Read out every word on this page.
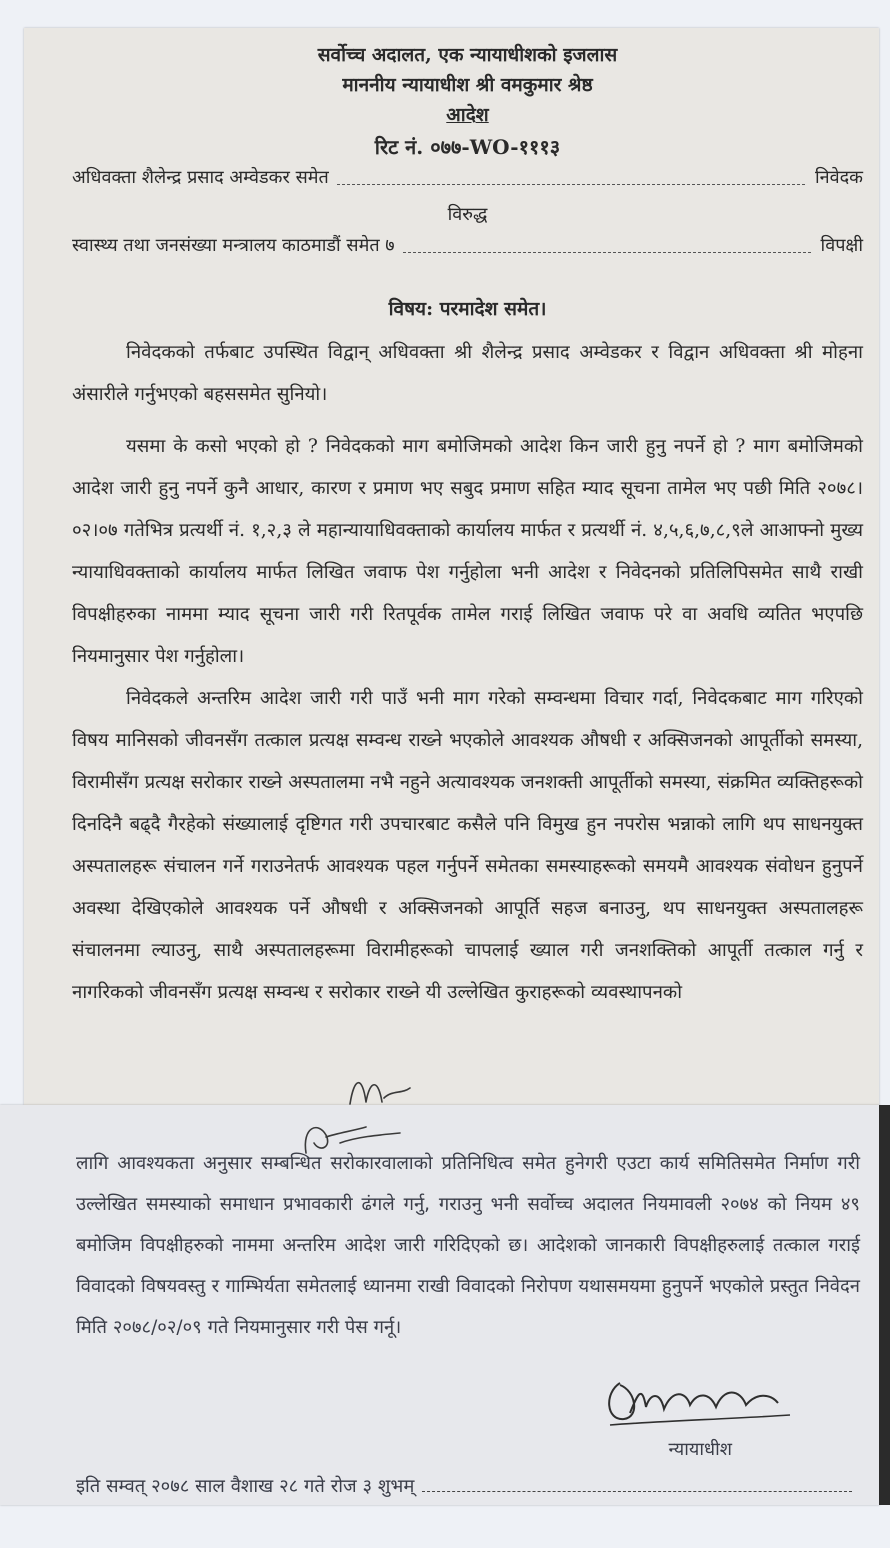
सर्वोच्च अदालत, एक न्यायाधीशको इजलास
माननीय न्यायाधीश श्री वमकुमार श्रेष्ठ
आदेश
रिट नं. ०७७-WO-१११३
अधिवक्ता शैलेन्द्र प्रसाद अम्वेडकर समेत	निवेदक
विरुद्ध
स्वास्थ्य तथा जनसंख्या मन्त्रालय काठमाडौं समेत ७	विपक्षी
विषय: परमादेश समेत।

निवेदकको तर्फबाट उपस्थित विद्वान् अधिवक्ता श्री शैलेन्द्र प्रसाद अम्वेडकर र विद्वान अधिवक्ता श्री मोहना अंसारीले गर्नुभएको बहससमेत सुनियो।

यसमा के कसो भएको हो ? निवेदकको माग बमोजिमको आदेश किन जारी हुनु नपर्ने हो ? माग बमोजिमको आदेश जारी हुनु नपर्ने कुनै आधार, कारण र प्रमाण भए सबुद प्रमाण सहित म्याद सूचना तामेल भए पछी मिति २०७८।०२।०७ गतेभित्र प्रत्यर्थी नं. १,२,३ ले महान्यायाधिवक्ताको कार्यालय मार्फत र प्रत्यर्थी नं. ४,५,६,७,८,९ले आआफ्नो मुख्य न्यायाधिवक्ताको कार्यालय मार्फत लिखित जवाफ पेश गर्नुहोला भनी आदेश र निवेदनको प्रतिलिपिसमेत साथै राखी विपक्षीहरुका नाममा म्याद सूचना जारी गरी रितपूर्वक तामेल गराई लिखित जवाफ परे वा अवधि व्यतित भएपछि नियमानुसार पेश गर्नुहोला।

निवेदकले अन्तरिम आदेश जारी गरी पाउँ भनी माग गरेको सम्वन्धमा विचार गर्दा, निवेदकबाट माग गरिएको विषय मानिसको जीवनसँग तत्काल प्रत्यक्ष सम्वन्ध राख्ने भएकोले आवश्यक औषधी र अक्सिजनको आपूर्तीको समस्या, विरामीसँग प्रत्यक्ष सरोकार राख्ने अस्पतालमा नभै नहुने अत्यावश्यक जनशक्ती आपूर्तीको समस्या, संक्रमित व्यक्तिहरूको दिनदिनै बढ्दै गैरहेको संख्यालाई दृष्टिगत गरी उपचारबाट कसैले पनि विमुख हुन नपरोस भन्नाको लागि थप साधनयुक्त अस्पतालहरू संचालन गर्ने गराउनेतर्फ आवश्यक पहल गर्नुपर्ने समेतका समस्याहरूको समयमै आवश्यक संवोधन हुनुपर्ने अवस्था देखिएकोले आवश्यक पर्ने औषधी र अक्सिजनको आपूर्ति सहज बनाउनु, थप साधनयुक्त अस्पतालहरू संचालनमा ल्याउनु, साथै अस्पतालहरूमा विरामीहरूको चापलाई ख्याल गरी जनशक्तिको आपूर्ती तत्काल गर्नु र नागरिकको जीवनसँग प्रत्यक्ष सम्वन्ध र सरोकार राख्ने यी उल्लेखित कुराहरूको व्यवस्थापनको

लागि आवश्यकता अनुसार सम्बन्धित सरोकारवालाको प्रतिनिधित्व समेत हुनेगरी एउटा कार्य समितिसमेत निर्माण गरी उल्लेखित समस्याको समाधान प्रभावकारी ढंगले गर्नु, गराउनु भनी सर्वोच्च अदालत नियमावली २०७४ को नियम ४९ बमोजिम विपक्षीहरुको नाममा अन्तरिम आदेश जारी गरिदिएको छ। आदेशको जानकारी विपक्षीहरुलाई तत्काल गराई विवादको विषयवस्तु र गाम्भिर्यता समेतलाई ध्यानमा राखी विवादको निरोपण यथासमयमा हुनुपर्ने भएकोले प्रस्तुत निवेदन मिति २०७८/०२/०९ गते नियमानुसार गरी पेस गर्नू।

न्यायाधीश
इति सम्वत् २०७८ साल वैशाख २८ गते रोज ३ शुभम्
